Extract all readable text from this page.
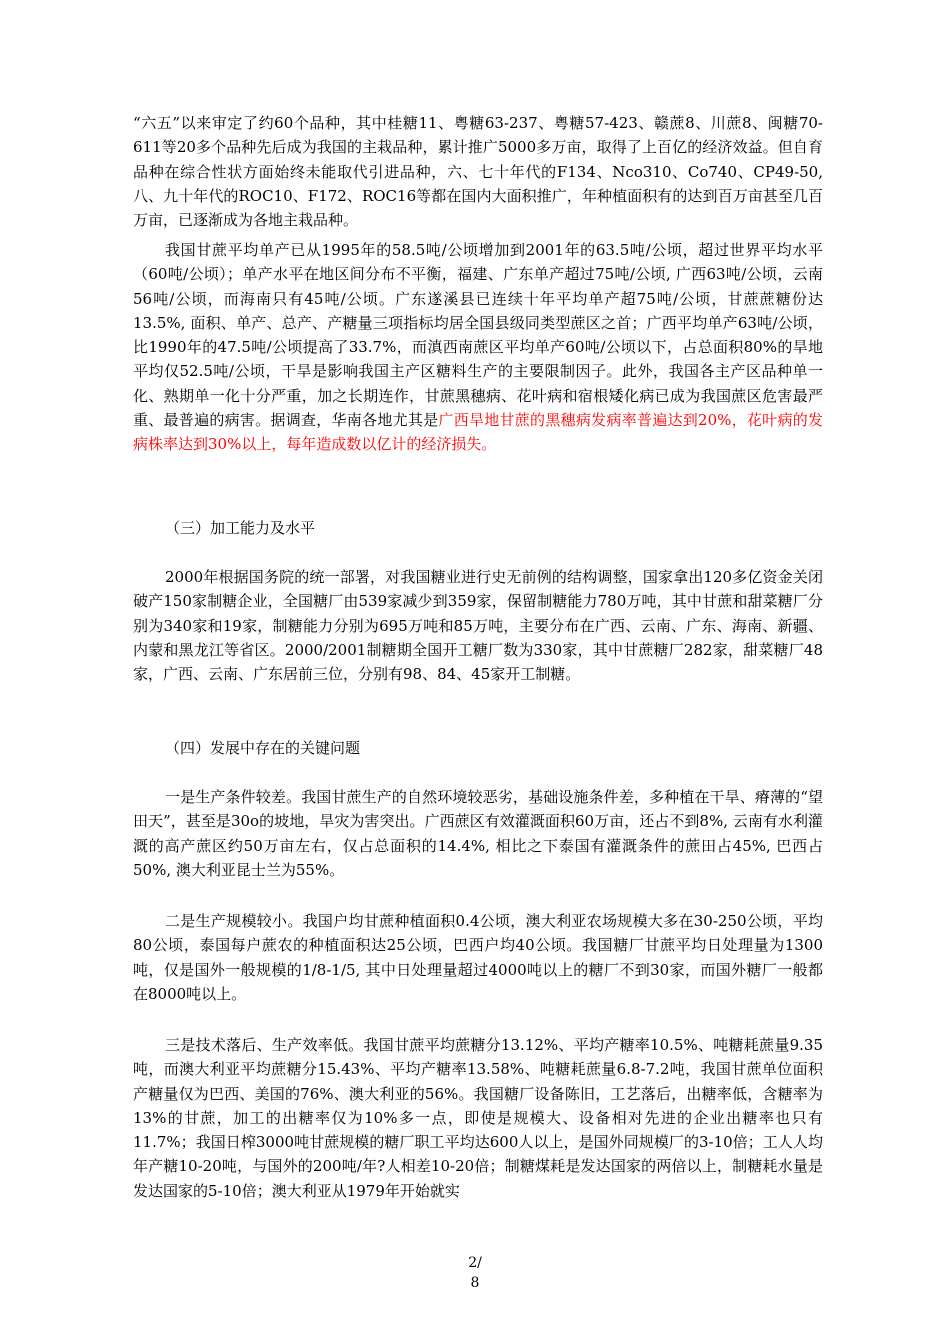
“六五”以来审定了约60个品种，其中桂糖11、粤糖63-237、粤糖57-423、赣蔗8、川蔗8、闽糖70-611等20多个品种先后成为我国的主栽品种，累计推广5000多万亩，取得了上百亿的经济效益。但自育品种在综合性状方面始终未能取代引进品种，六、七十年代的F134、Nco310、Co740、CP49-50, 八、九十年代的ROC10、F172、ROC16等都在国内大面积推广，年种植面积有的达到百万亩甚至几百万亩，已逐渐成为各地主栽品种。

我国甘蔗平均单产已从1995年的58.5吨/公顷增加到2001年的63.5吨/公顷，超过世界平均水平（60吨/公顷）；单产水平在地区间分布不平衡，福建、广东单产超过75吨/公顷, 广西63吨/公顷，云南56吨/公顷，而海南只有45吨/公顷。广东遂溪县已连续十年平均单产超75吨/公顷，甘蔗蔗糖份达13.5%, 面积、单产、总产、产糖量三项指标均居全国县级同类型蔗区之首；广西平均单产63吨/公顷，比1990年的47.5吨/公顷提高了33.7%，而滇西南蔗区平均单产60吨/公顷以下，占总面积80%的旱地平均仅52.5吨/公顷，干旱是影响我国主产区糖料生产的主要限制因子。此外，我国各主产区品种单一化、熟期单一化十分严重，加之长期连作，甘蔗黑穗病、花叶病和宿根矮化病已成为我国蔗区危害最严重、最普遍的病害。据调查，华南各地尤其是广西旱地甘蔗的黑穗病发病率普遍达到20%，花叶病的发病株率达到30%以上，每年造成数以亿计的经济损失。

（三）加工能力及水平

2000年根据国务院的统一部署，对我国糖业进行史无前例的结构调整，国家拿出120多亿资金关闭破产150家制糖企业，全国糖厂由539家减少到359家，保留制糖能力780万吨，其中甘蔗和甜菜糖厂分别为340家和19家，制糖能力分别为695万吨和85万吨，主要分布在广西、云南、广东、海南、新疆、内蒙和黑龙江等省区。2000/2001制糖期全国开工糖厂数为330家，其中甘蔗糖厂282家，甜菜糖厂48家，广西、云南、广东居前三位，分别有98、84、45家开工制糖。

（四）发展中存在的关键问题

一是生产条件较差。我国甘蔗生产的自然环境较恶劣，基础设施条件差，多种植在干旱、瘠薄的“望田天”，甚至是30o的坡地，旱灾为害突出。广西蔗区有效灌溉面积60万亩，还占不到8%, 云南有水利灌溉的高产蔗区约50万亩左右，仅占总面积的14.4%, 相比之下泰国有灌溉条件的蔗田占45%, 巴西占50%, 澳大利亚昆士兰为55%。

二是生产规模较小。我国户均甘蔗种植面积0.4公顷，澳大利亚农场规模大多在30-250公顷，平均80公顷，泰国每户蔗农的种植面积达25公顷，巴西户均40公顷。我国糖厂甘蔗平均日处理量为1300吨，仅是国外一般规模的1/8-1/5, 其中日处理量超过4000吨以上的糖厂不到30家，而国外糖厂一般都在8000吨以上。

三是技术落后、生产效率低。我国甘蔗平均蔗糖分13.12%、平均产糖率10.5%、吨糖耗蔗量9.35吨，而澳大利亚平均蔗糖分15.43%、平均产糖率13.58%、吨糖耗蔗量6.8-7.2吨，我国甘蔗单位面积产糖量仅为巴西、美国的76%、澳大利亚的56%。我国糖厂设备陈旧，工艺落后，出糖率低，含糖率为13%的甘蔗，加工的出糖率仅为10%多一点，即使是规模大、设备相对先进的企业出糖率也只有11.7%；我国日榨3000吨甘蔗规模的糖厂职工平均达600人以上，是国外同规模厂的3-10倍；工人人均年产糖10-20吨，与国外的200吨/年?人相差10-20倍；制糖煤耗是发达国家的两倍以上，制糖耗水量是发达国家的5-10倍；澳大利亚从1979年开始就实

2/
8
